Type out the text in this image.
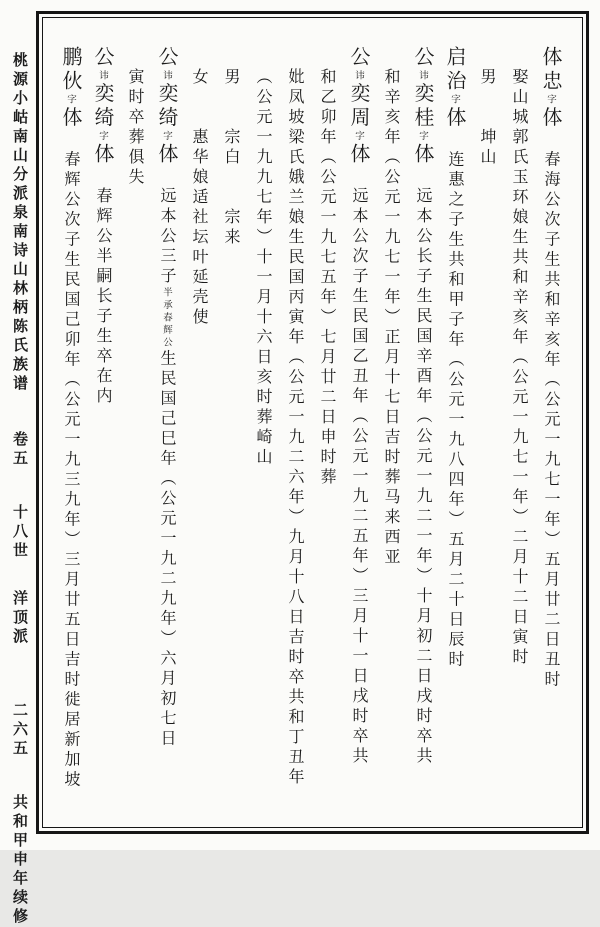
桃源小岵南山分派泉南诗山林柄陈氏族谱 卷五 十八世 洋顶派 二六五 共和甲申年续修
体忠字体　春海公次子生共和辛亥年（公元一九七一年）五月廿二日丑时
娶山城郭氏玉环娘生共和辛亥年（公元一九七一年）二月十二日寅时
男　　坤山
启治字体　连惠之子生共和甲子年（公元一九八四年）五月二十日辰时
公讳奕桂字体　远本公长子生民国辛酉年（公元一九二一年）十月初二日戌时卒共
和辛亥年（公元一九七一年）正月十七日吉时葬马来西亚
公讳奕周字体　远本公次子生民国乙丑年（公元一九二五年）三月十一日戌时卒共
和乙卯年（公元一九七五年）七月廿二日申时葬
妣凤坡梁氏娥兰娘生民国丙寅年（公元一九二六年）九月十八日吉时卒共和丁丑年
（公元一九九七年）十一月十六日亥时葬崎山
男　　宗白　　宗来
女　　惠华娘适社坛叶延壳使
公讳奕绮字体　远本公三子半承春辉公生民国己巳年（公元一九二九年）六月初七日
寅时卒葬俱失
公讳奕绮字体　春辉公半嗣长子生卒在内
鹏伙字体　春辉公次子生民国己卯年（公元一九三九年）三月廿五日吉时徙居新加坡
